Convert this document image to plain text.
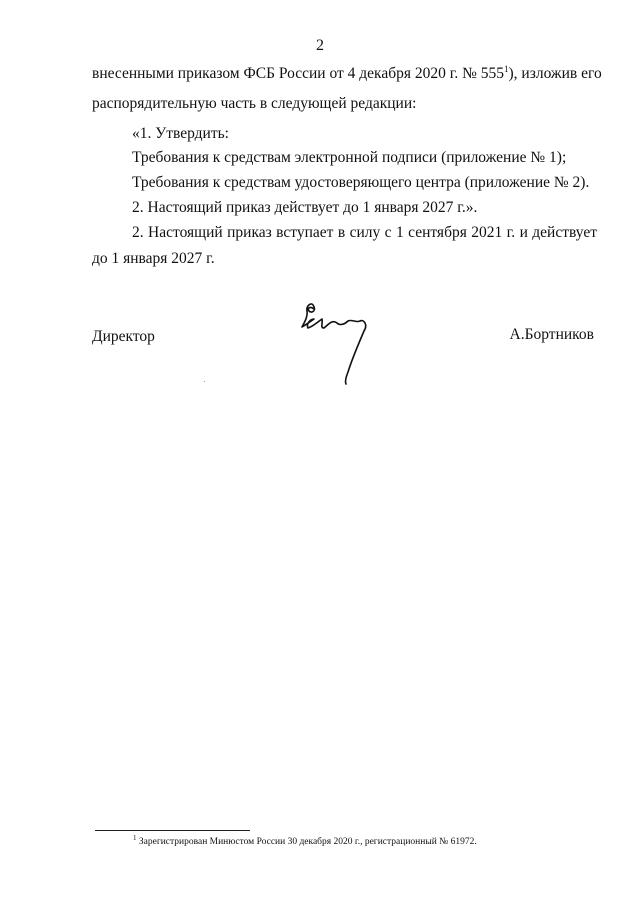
2
внесенными приказом ФСБ России от 4 декабря 2020 г. № $555^1$), изложив его
распорядительную часть в следующей редакции:
«1. Утвердить:
Требования к средствам электронной подписи (приложение № 1);
Требования к средствам удостоверяющего центра (приложение № 2).
2. Настоящий приказ действует до 1 января 2027 г.».
2. Настоящий приказ вступает в силу с 1 сентября 2021 г. и действует
до 1 января 2027 г.
Директор	А.Бортников
$^1$ Зарегистрирован Минюстом России 30 декабря 2020 г., регистрационный № 61972.
